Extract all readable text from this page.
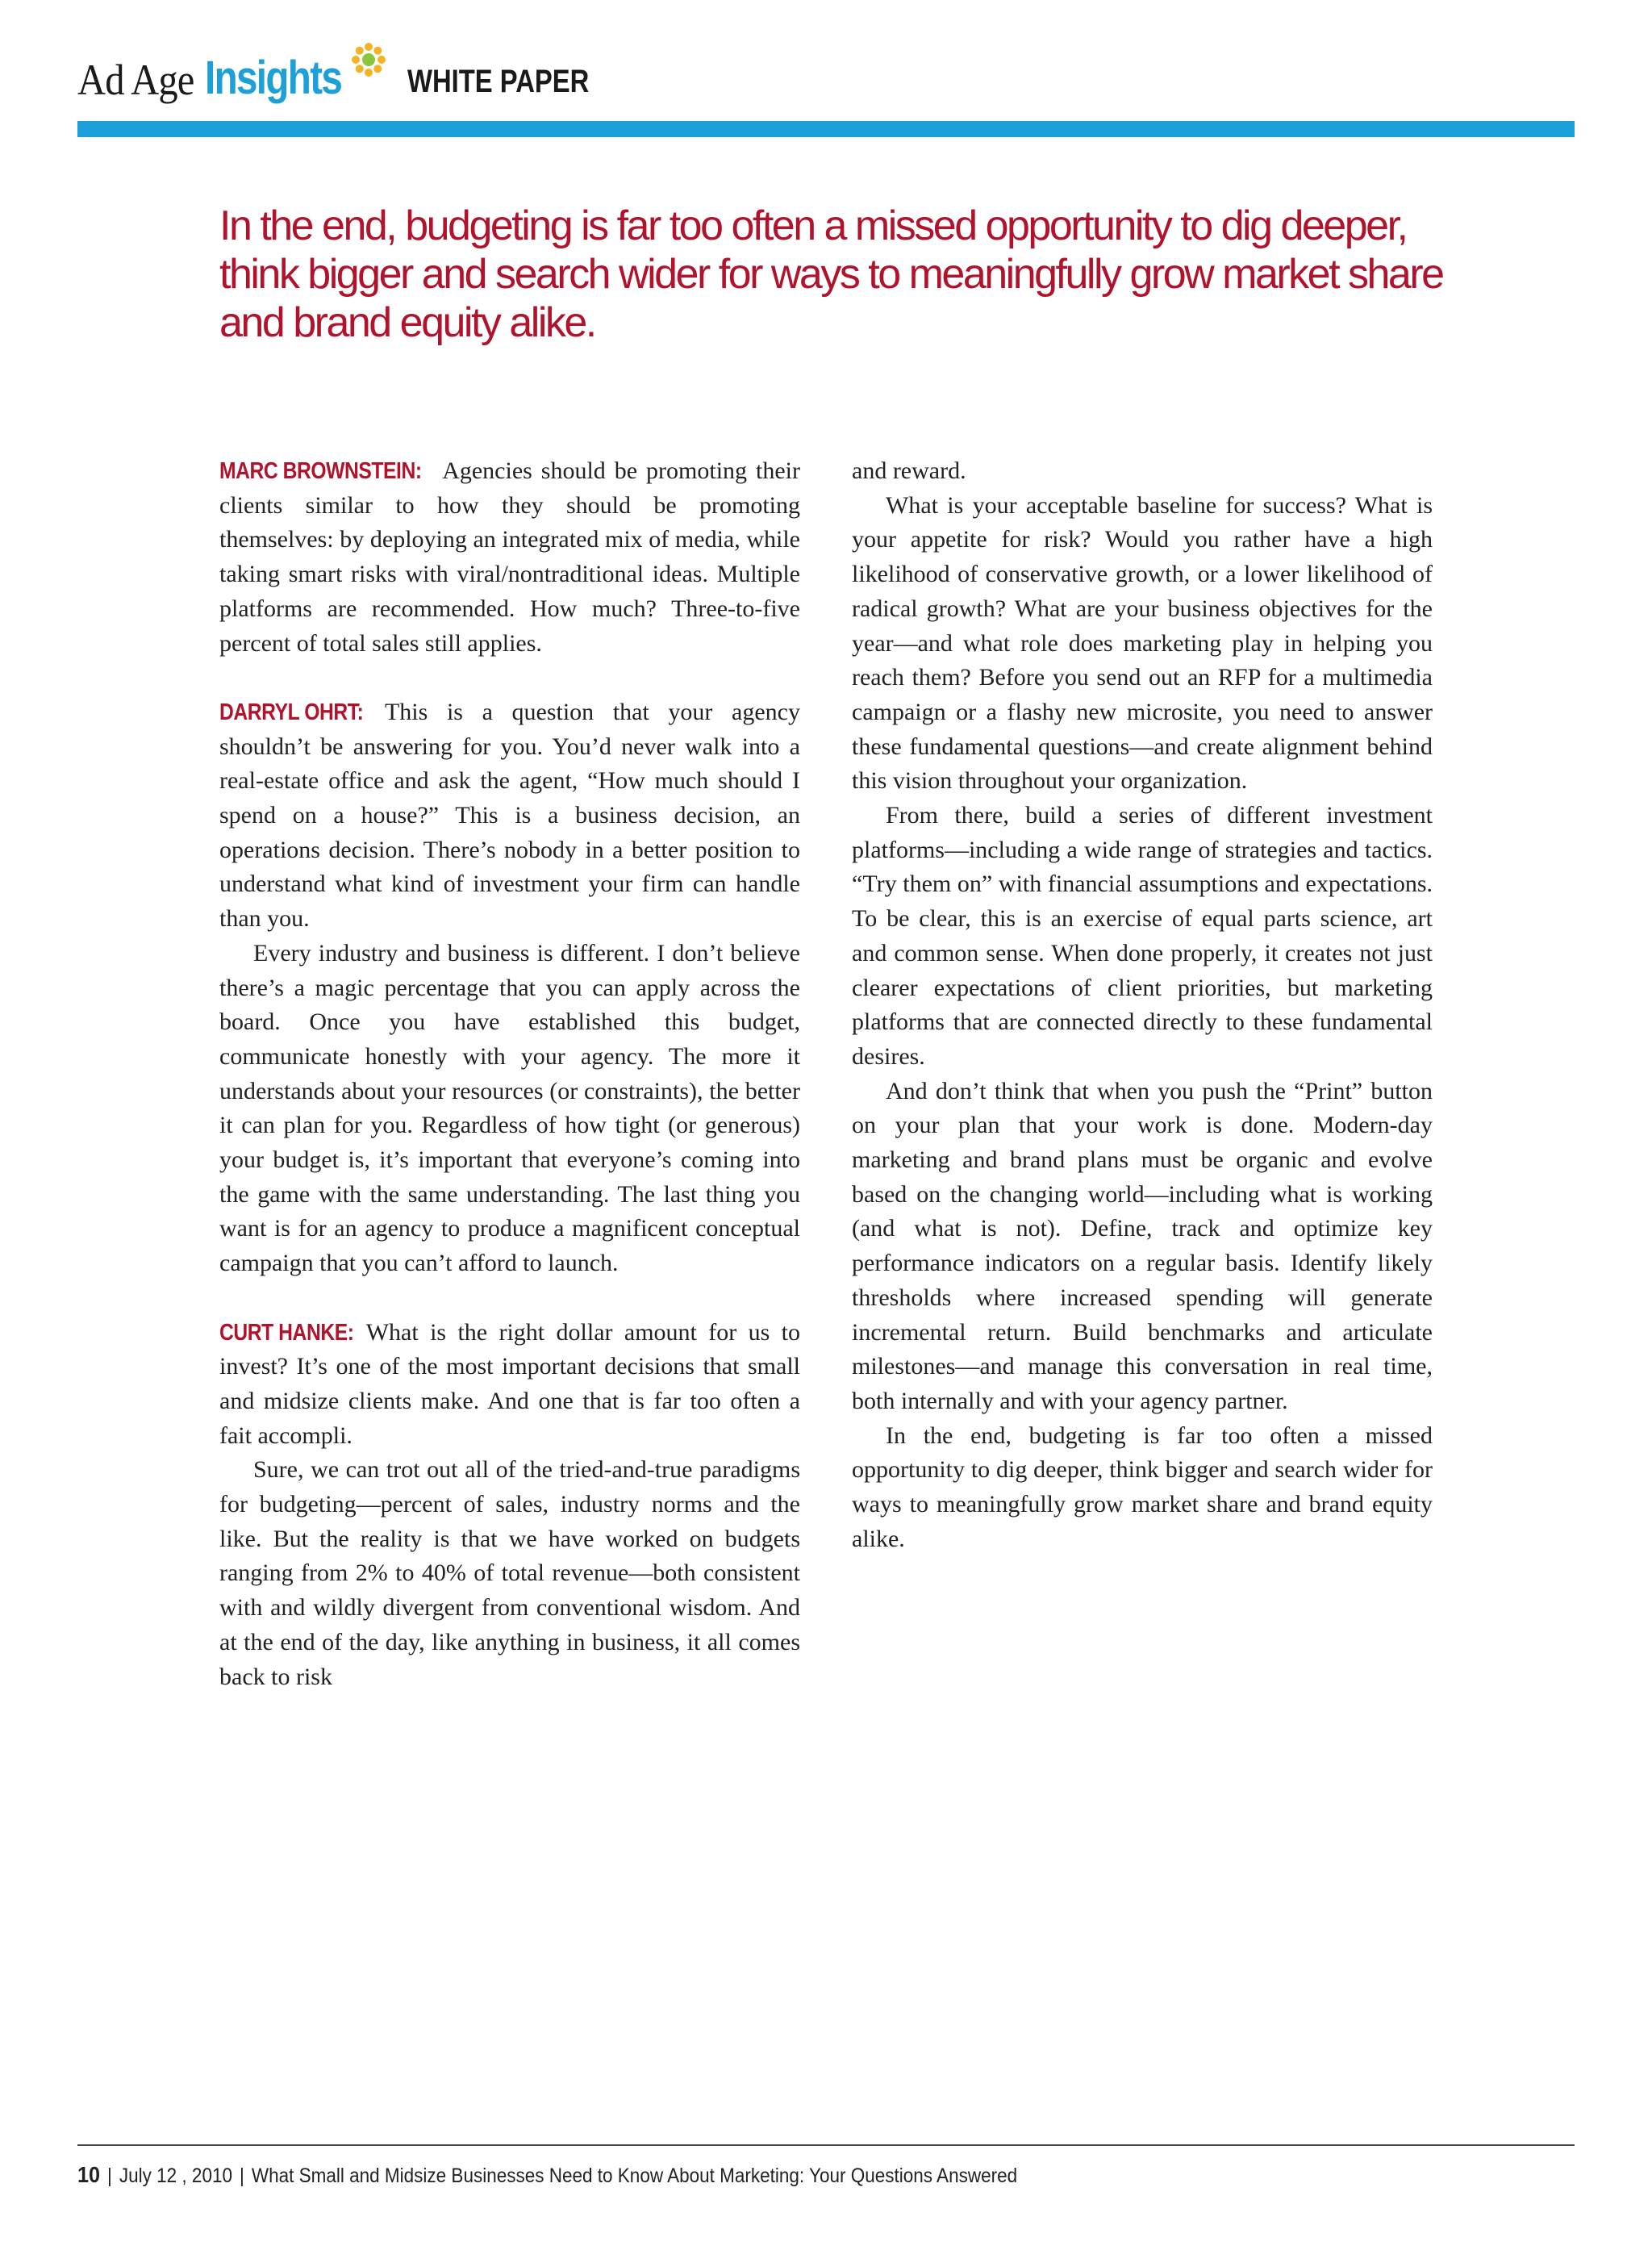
Ad Age Insights WHITE PAPER
In the end, budgeting is far too often a missed opportunity to dig deeper, think bigger and search wider for ways to meaningfully grow market share and brand equity alike.

MARC BROWNSTEIN: Agencies should be promoting their clients similar to how they should be promoting themselves: by deploying an integrated mix of media, while taking smart risks with viral/nontraditional ideas. Multiple platforms are recommended. How much? Three-to-five percent of total sales still applies.

DARRYL OHRT: This is a question that your agency shouldn’t be answering for you. You’d never walk into a real-estate office and ask the agent, “How much should I spend on a house?” This is a business decision, an operations decision. There’s nobody in a better position to understand what kind of investment your firm can handle than you.

Every industry and business is different. I don’t believe there’s a magic percentage that you can apply across the board. Once you have established this budget, communicate honestly with your agency. The more it understands about your resources (or constraints), the better it can plan for you. Regardless of how tight (or generous) your budget is, it’s important that everyone’s coming into the game with the same understanding. The last thing you want is for an agency to produce a magnificent conceptual campaign that you can’t afford to launch.

CURT HANKE: What is the right dollar amount for us to invest? It’s one of the most important decisions that small and midsize clients make. And one that is far too often a fait accompli.

Sure, we can trot out all of the tried-and-true paradigms for budgeting—percent of sales, industry norms and the like. But the reality is that we have worked on budgets ranging from 2% to 40% of total revenue—both consistent with and wildly divergent from conventional wisdom. And at the end of the day, like anything in business, it all comes back to risk

and reward.

What is your acceptable baseline for success? What is your appetite for risk? Would you rather have a high likelihood of conservative growth, or a lower likelihood of radical growth? What are your business objectives for the year—and what role does marketing play in helping you reach them? Before you send out an RFP for a multimedia campaign or a flashy new microsite, you need to answer these fundamental questions—and create alignment behind this vision throughout your organization.

From there, build a series of different investment platforms—including a wide range of strategies and tactics. “Try them on” with financial assumptions and expectations. To be clear, this is an exercise of equal parts science, art and common sense. When done properly, it creates not just clearer expectations of client priorities, but marketing platforms that are connected directly to these fundamental desires.

And don’t think that when you push the “Print” button on your plan that your work is done. Modern-day marketing and brand plans must be organic and evolve based on the changing world—including what is working (and what is not). Define, track and optimize key performance indicators on a regular basis. Identify likely thresholds where increased spending will generate incremental return. Build benchmarks and articulate milestones—and manage this conversation in real time, both internally and with your agency partner.

In the end, budgeting is far too often a missed opportunity to dig deeper, think bigger and search wider for ways to meaningfully grow market share and brand equity alike.

10 | July 12 , 2010 | What Small and Midsize Businesses Need to Know About Marketing: Your Questions Answered
